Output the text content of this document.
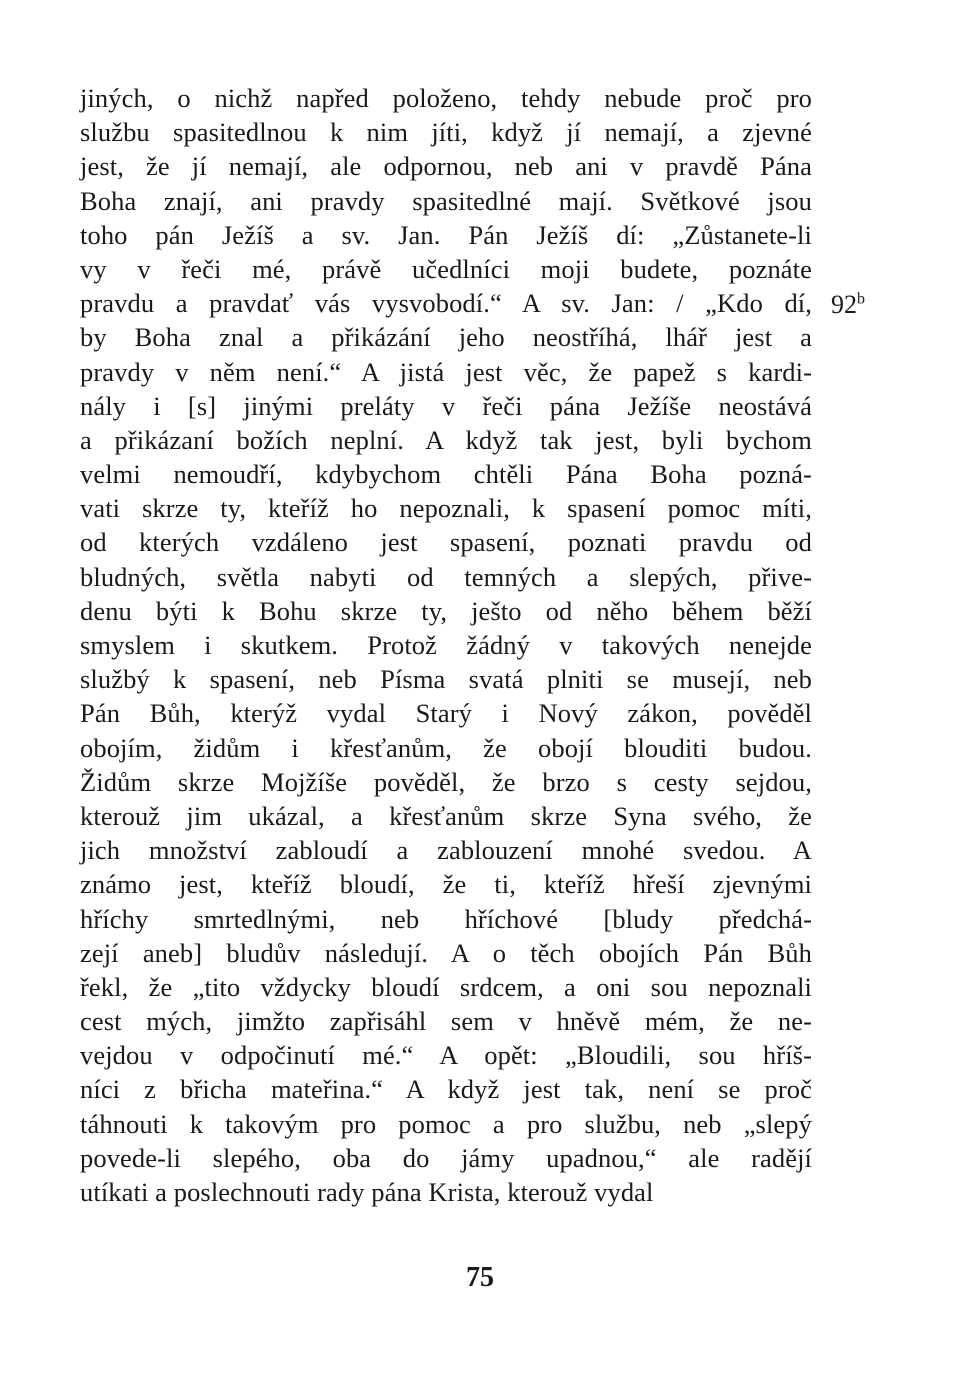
jiných, o nichž napřed položeno, tehdy nebude proč pro
službu spasitedlnou k nim jíti, když jí nemají, a zjevné
jest, že jí nemají, ale odpornou, neb ani v pravdě Pána
Boha znají, ani pravdy spasitedlné mají. Světkové jsou
toho pán Ježíš a sv. Jan. Pán Ježíš dí: „Zůstanete-li
vy v řeči mé, právě učedlníci moji budete, poznáte
pravdu a pravdať vás vysvobodí.“ A sv. Jan: / „Kdo dí,
by Boha znal a přikázání jeho neostříhá, lhář jest a
pravdy v něm není.“ A jistá jest věc, že papež s kardi-
nály i [s] jinými preláty v řeči pána Ježíše neostává
a přikázaní božích neplní. A když tak jest, byli bychom
velmi nemoudří, kdybychom chtěli Pána Boha pozná-
vati skrze ty, kteříž ho nepoznali, k spasení pomoc míti,
od kterých vzdáleno jest spasení, poznati pravdu od
bludných, světla nabyti od temných a slepých, přive-
denu býti k Bohu skrze ty, ješto od něho během běží
smyslem i skutkem. Protož žádný v takových nenejde
službý k spasení, neb Písma svatá plniti se musejí, neb
Pán Bůh, kterýž vydal Starý i Nový zákon, pověděl
obojím, židům i křesťanům, že obojí blouditi budou.
Židům skrze Mojžíše pověděl, že brzo s cesty sejdou,
kterouž jim ukázal, a křesťanům skrze Syna svého, že
jich množství zabloudí a zablouzení mnohé svedou. A
známo jest, kteříž bloudí, že ti, kteříž hřeší zjevnými
hříchy smrtedlnými, neb hříchové [bludy předchá-
zejí aneb] bludův následují. A o těch obojích Pán Bůh
řekl, že „tito vždycky bloudí srdcem, a oni sou nepoznali
cest mých, jimžto zapřisáhl sem v hněvě mém, že ne-
vejdou v odpočinutí mé.“ A opět: „Bloudili, sou hříš-
níci z břicha mateřina.“ A když jest tak, není se proč
táhnouti k takovým pro pomoc a pro službu, neb „slepý
povede-li slepého, oba do jámy upadnou,“ ale radějí
utíkati a poslechnouti rady pána Krista, kterouž vydal
92$^b$
75
